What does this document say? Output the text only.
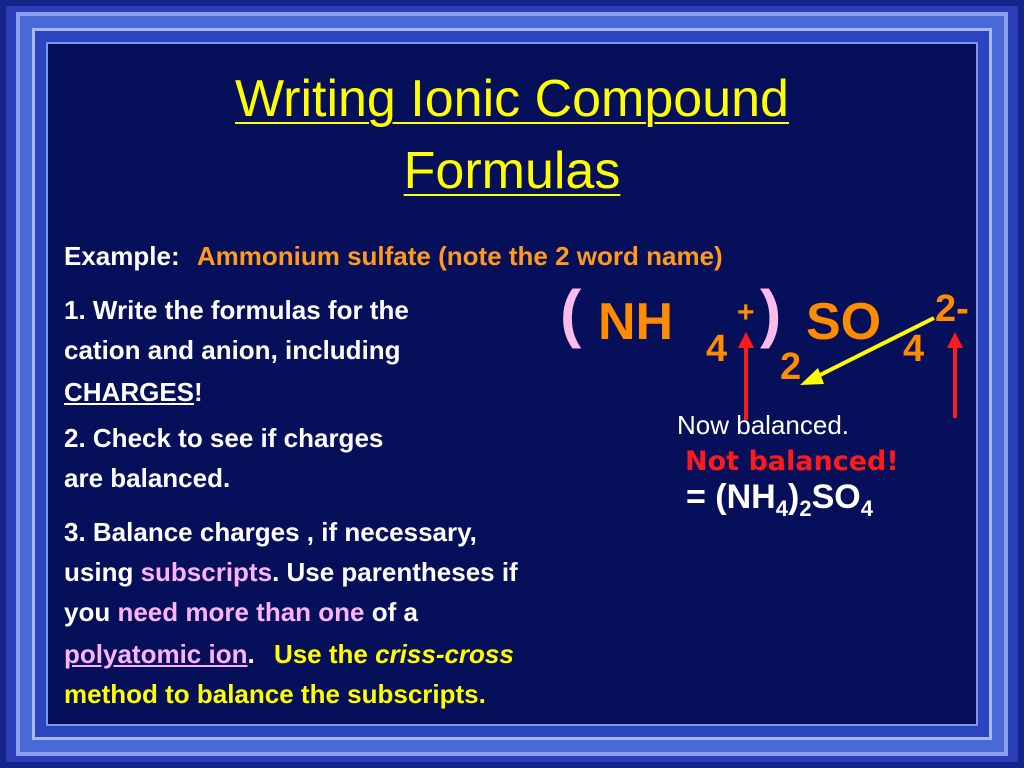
Writing Ionic Compound
Formulas
Example: Ammonium sulfate (note the 2 word name)
1. Write the formulas for the
cation and anion, including
CHARGES!
2. Check to see if charges
are balanced.
3. Balance charges , if necessary,
using subscripts. Use parentheses if
you need more than one of a
polyatomic ion. Use the criss-cross
method to balance the subscripts.
( NH 4
+ )
2
SO 4
2-
Now balanced.
Not balanced!
= $(NH_4)_2SO_4$
